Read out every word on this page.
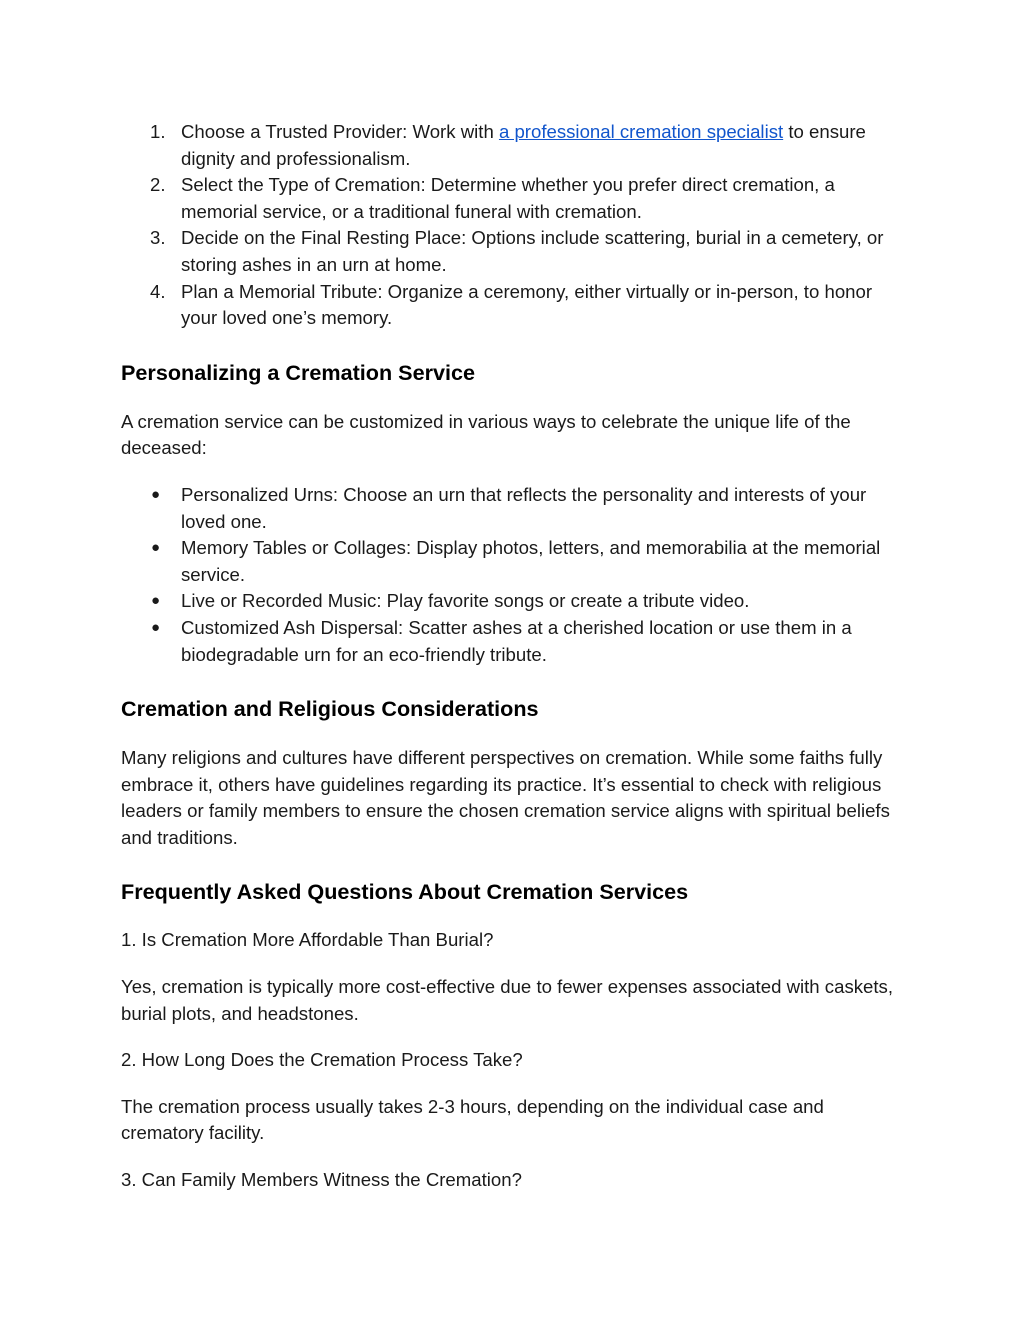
1. Choose a Trusted Provider: Work with a professional cremation specialist to ensure dignity and professionalism.
2. Select the Type of Cremation: Determine whether you prefer direct cremation, a memorial service, or a traditional funeral with cremation.
3. Decide on the Final Resting Place: Options include scattering, burial in a cemetery, or storing ashes in an urn at home.
4. Plan a Memorial Tribute: Organize a ceremony, either virtually or in-person, to honor your loved one’s memory.
Personalizing a Cremation Service

A cremation service can be customized in various ways to celebrate the unique life of the deceased:

● Personalized Urns: Choose an urn that reflects the personality and interests of your loved one.
● Memory Tables or Collages: Display photos, letters, and memorabilia at the memorial service.
● Live or Recorded Music: Play favorite songs or create a tribute video.
● Customized Ash Dispersal: Scatter ashes at a cherished location or use them in a biodegradable urn for an eco-friendly tribute.
Cremation and Religious Considerations

Many religions and cultures have different perspectives on cremation. While some faiths fully embrace it, others have guidelines regarding its practice. It’s essential to check with religious leaders or family members to ensure the chosen cremation service aligns with spiritual beliefs and traditions.

Frequently Asked Questions About Cremation Services

1. Is Cremation More Affordable Than Burial?

Yes, cremation is typically more cost-effective due to fewer expenses associated with caskets, burial plots, and headstones.

2. How Long Does the Cremation Process Take?

The cremation process usually takes 2-3 hours, depending on the individual case and crematory facility.

3. Can Family Members Witness the Cremation?
